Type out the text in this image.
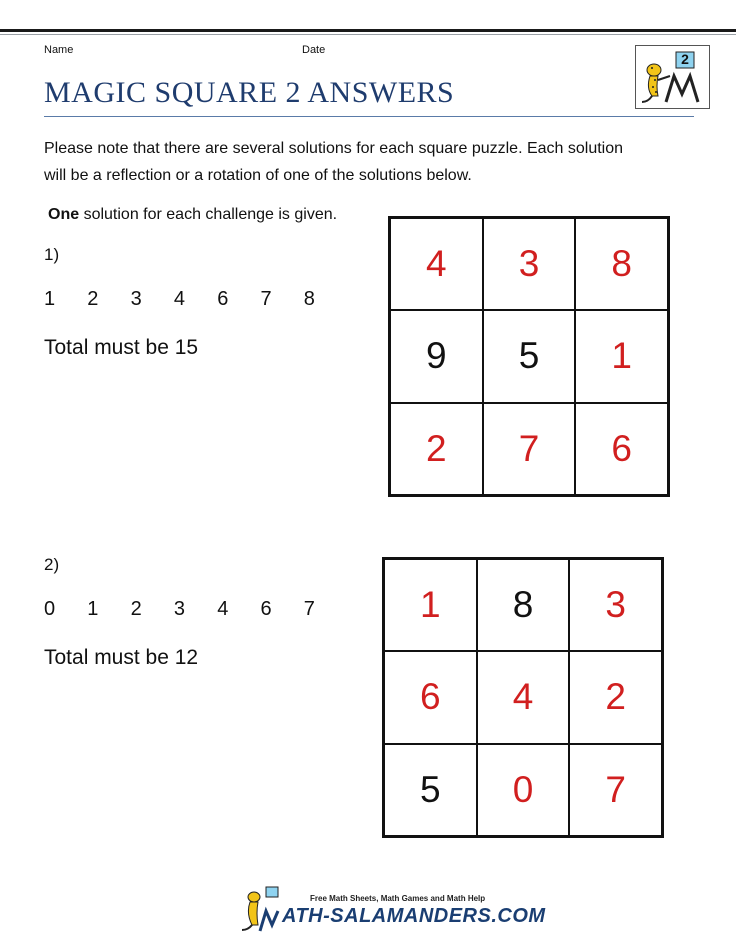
Name	Date
MAGIC SQUARE 2 ANSWERS
2
Please note that there are several solutions for each square puzzle. Each solution
will be a reflection or a rotation of one of the solutions below.
One solution for each challenge is given.
1)
1	2	3	4	6	7	8
Total must be 15
4	3	8
9	5	1
2	7	6
2)
0	1	2	3	4	6	7
Total must be 12
1	8	3
6	4	2
5	0	7
Free Math Sheets, Math Games and Math Help
ATH-SALAMANDERS.COM
